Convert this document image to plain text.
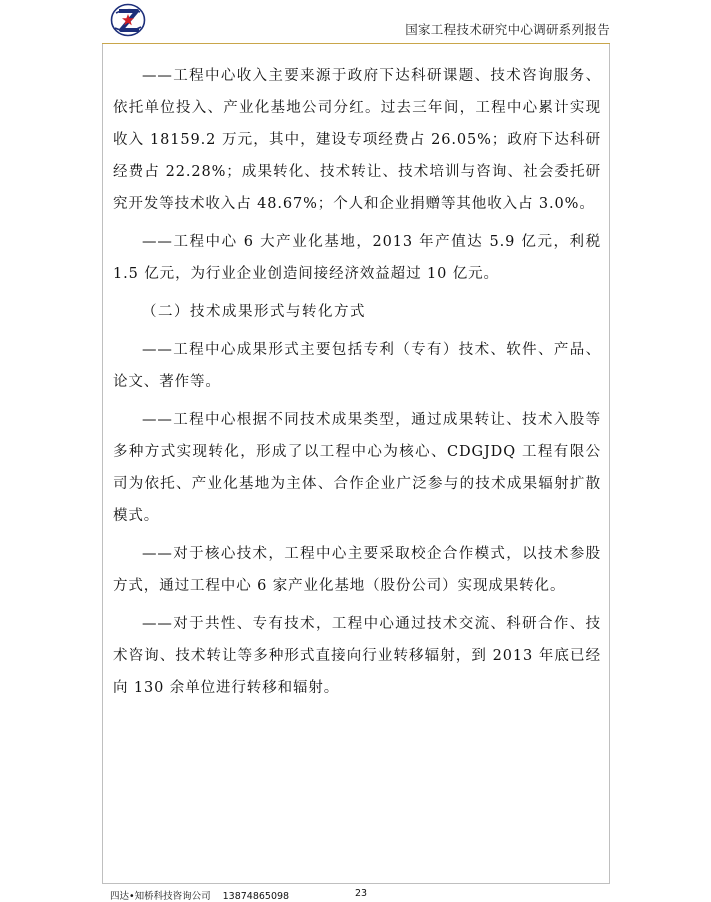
国家工程技术研究中心调研系列报告

——工程中心收入主要来源于政府下达科研课题、技术咨询服务、依托单位投入、产业化基地公司分红。过去三年间，工程中心累计实现收入 18159.2 万元，其中，建设专项经费占 26.05%；政府下达科研经费占 22.28%；成果转化、技术转让、技术培训与咨询、社会委托研究开发等技术收入占 48.67%；个人和企业捐赠等其他收入占 3.0%。

——工程中心 6 大产业化基地，2013 年产值达 5.9 亿元，利税 1.5 亿元，为行业企业创造间接经济效益超过 10 亿元。

（二）技术成果形式与转化方式

——工程中心成果形式主要包括专利（专有）技术、软件、产品、论文、著作等。

——工程中心根据不同技术成果类型，通过成果转让、技术入股等多种方式实现转化，形成了以工程中心为核心、CDGJDQ 工程有限公司为依托、产业化基地为主体、合作企业广泛参与的技术成果辐射扩散模式。

——对于核心技术，工程中心主要采取校企合作模式，以技术参股方式，通过工程中心 6 家产业化基地（股份公司）实现成果转化。

——对于共性、专有技术，工程中心通过技术交流、科研合作、技术咨询、技术转让等多种形式直接向行业转移辐射，到 2013 年底已经向 130 余单位进行转移和辐射。

四达•知桥科技咨询公司 13874865098	23
